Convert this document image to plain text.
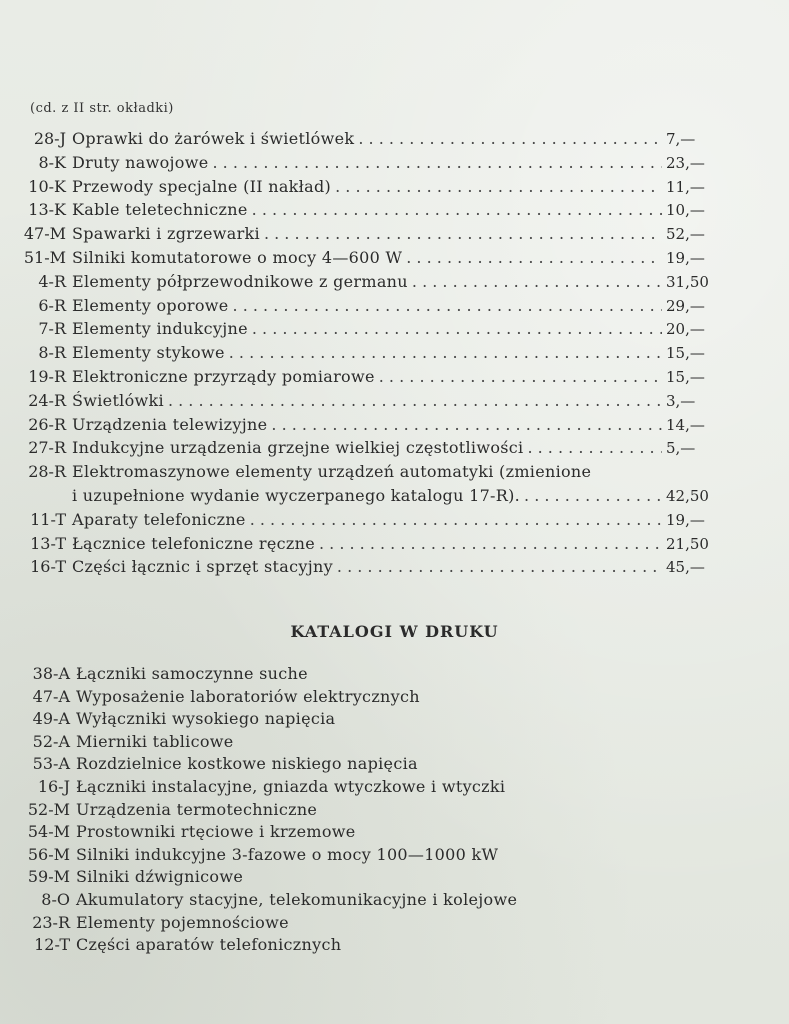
(cd. z II str. okładki)
28-J Oprawki do żarówek i świetlówek . . .	7,—
8-K Druty nawojowe . . .	23,—
10-K Przewody specjalne (II nakład) . . .	11,—
13-K Kable teletechniczne . . .	10,—
47-M Spawarki i zgrzewarki . . .	52,—
51-M Silniki komutatorowe o mocy 4—600 W . . .	19,—
4-R Elementy półprzewodnikowe z germanu . . .	31,50
6-R Elementy oporowe . . .	29,—
7-R Elementy indukcyjne . . .	20,—
8-R Elementy stykowe . . .	15,—
19-R Elektroniczne przyrządy pomiarowe . . .	15,—
24-R Świetlówki . . .	3,—
26-R Urządzenia telewizyjne . . .	14,—
27-R Indukcyjne urządzenia grzejne wielkiej częstotliwości . . .	5,—
28-R Elektromaszynowe elementy urządzeń automatyki (zmienione
i uzupełnione wydanie wyczerpanego katalogu 17-R). . . .	42,50
11-T Aparaty telefoniczne . . .	19,—
13-T Łącznice telefoniczne ręczne . . .	21,50
16-T Części łącznic i sprzęt stacyjny . . .	45,—
KATALOGI W DRUKU
38-A Łączniki samoczynne suche
47-A Wyposażenie laboratoriów elektrycznych
49-A Wyłączniki wysokiego napięcia
52-A Mierniki tablicowe
53-A Rozdzielnice kostkowe niskiego napięcia
16-J Łączniki instalacyjne, gniazda wtyczkowe i wtyczki
52-M Urządzenia termotechniczne
54-M Prostowniki rtęciowe i krzemowe
56-M Silniki indukcyjne 3-fazowe o mocy 100—1000 kW
59-M Silniki dźwignicowe
8-O Akumulatory stacyjne, telekomunikacyjne i kolejowe
23-R Elementy pojemnościowe
12-T Części aparatów telefonicznych
